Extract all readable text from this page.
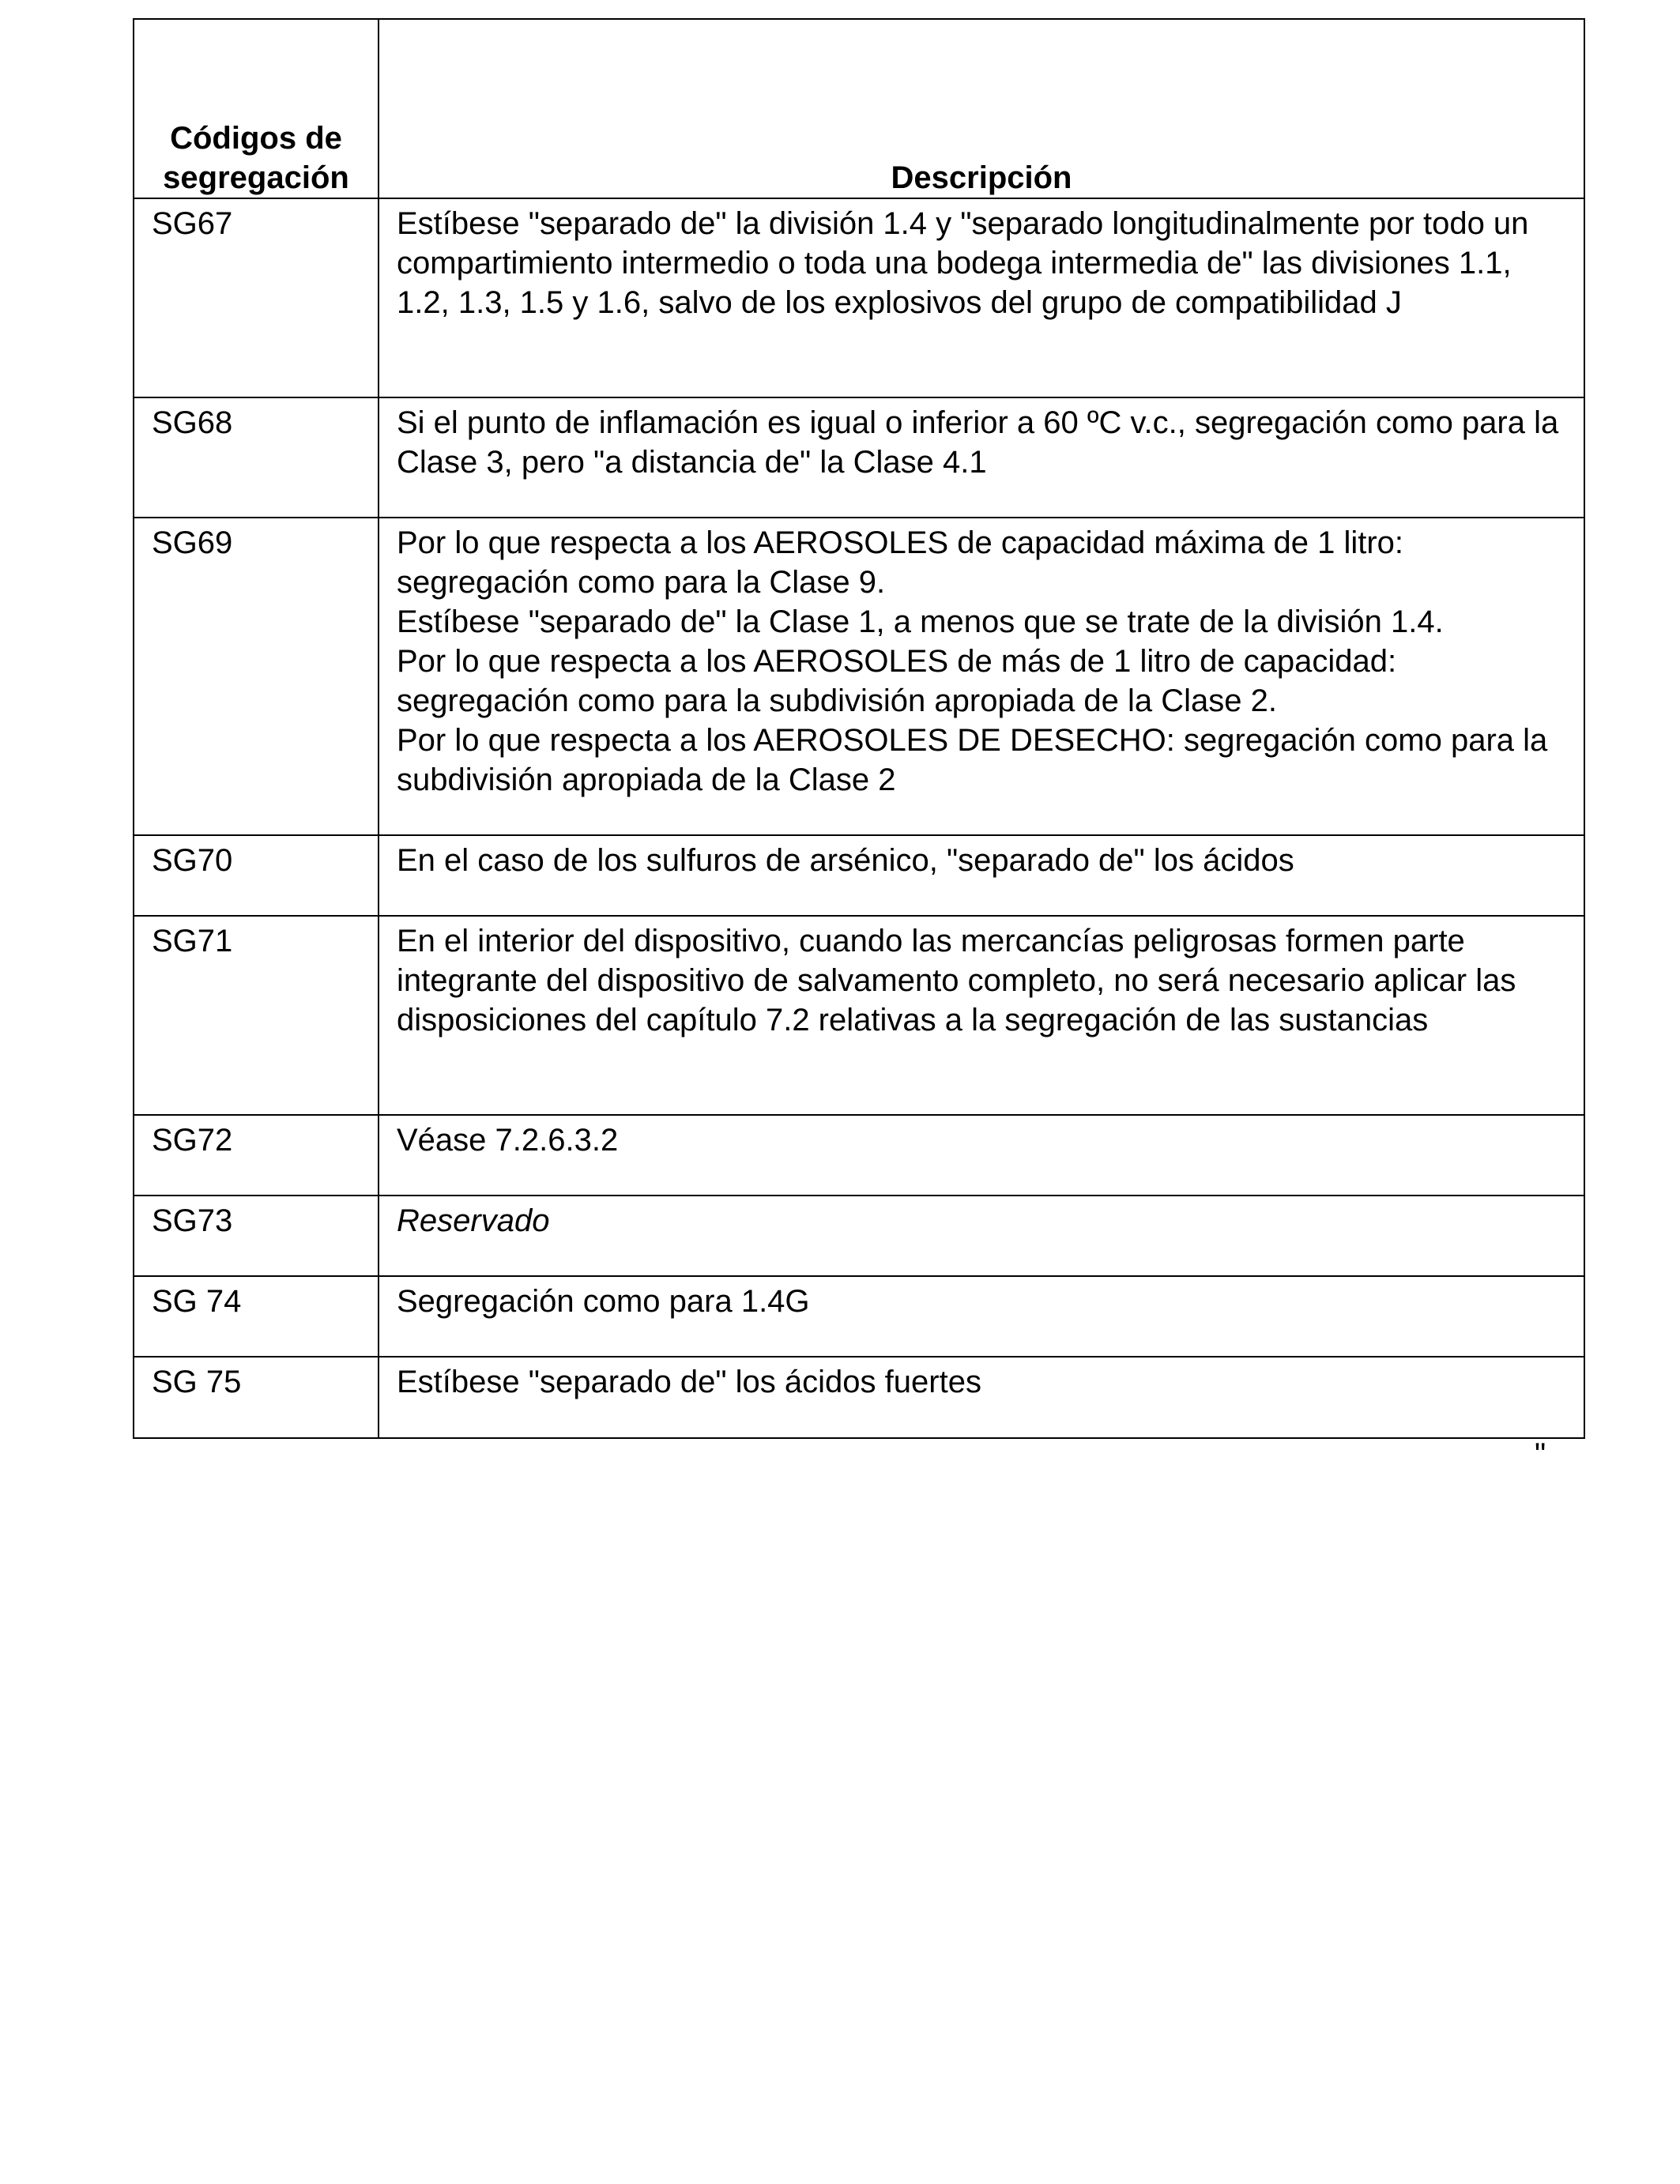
Códigos de segregación	Descripción
SG67	Estíbese "separado de" la división 1.4 y "separado longitudinalmente por todo un compartimiento intermedio o toda una bodega intermedia de" las divisiones 1.1, 1.2, 1.3, 1.5 y 1.6, salvo de los explosivos del grupo de compatibilidad J

SG68	Si el punto de inflamación es igual o inferior a 60 ºC v.c., segregación como para la Clase 3, pero "a distancia de" la Clase 4.1

SG69	Por lo que respecta a los AEROSOLES de capacidad máxima de 1 litro: segregación como para la Clase 9.
Estíbese "separado de" la Clase 1, a menos que se trate de la división 1.4.
Por lo que respecta a los AEROSOLES de más de 1 litro de capacidad: segregación como para la subdivisión apropiada de la Clase 2.
Por lo que respecta a los AEROSOLES DE DESECHO: segregación como para la subdivisión apropiada de la Clase 2

SG70	En el caso de los sulfuros de arsénico, "separado de" los ácidos

SG71	En el interior del dispositivo, cuando las mercancías peligrosas formen parte integrante del dispositivo de salvamento completo, no será necesario aplicar las disposiciones del capítulo 7.2 relativas a la segregación de las sustancias

SG72	Véase 7.2.6.3.2

SG73	Reservado

SG 74	Segregación como para 1.4G

SG 75	Estíbese "separado de" los ácidos fuertes
"
